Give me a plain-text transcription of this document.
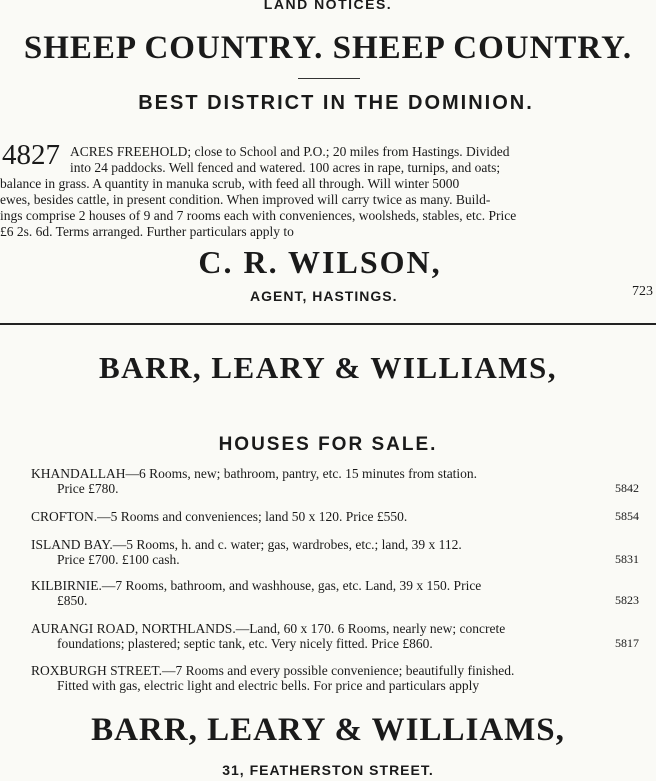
LAND NOTICES.
SHEEP COUNTRY. SHEEP COUNTRY.
BEST DISTRICT IN THE DOMINION.
4827 ACRES FREEHOLD; close to School and P.O.; 20 miles from Hastings. Divided
into 24 paddocks. Well fenced and watered. 100 acres in rape, turnips, and oats;
balance in grass. A quantity in manuka scrub, with feed all through. Will winter 5000
ewes, besides cattle, in present condition. When improved will carry twice as many. Build-
ings comprise 2 houses of 9 and 7 rooms each with conveniences, woolsheds, stables, etc. Price
£6 2s. 6d. Terms arranged. Further particulars apply to
C. R. WILSON,
AGENT, HASTINGS.	723
BARR, LEARY & WILLIAMS,
HOUSES FOR SALE.
KHANDALLAH—6 Rooms, new; bathroom, pantry, etc. 15 minutes from station.
Price £780.	5842
CROFTON.—5 Rooms and conveniences; land 50 x 120. Price £550.	5854
ISLAND BAY.—5 Rooms, h. and c. water; gas, wardrobes, etc.; land, 39 x 112.
Price £700. £100 cash.	5831
KILBIRNIE.—7 Rooms, bathroom, and washhouse, gas, etc. Land, 39 x 150. Price
£850.	5823
AURANGI ROAD, NORTHLANDS.—Land, 60 x 170. 6 Rooms, nearly new; concrete
foundations; plastered; septic tank, etc. Very nicely fitted. Price £860.	5817
ROXBURGH STREET.—7 Rooms and every possible convenience; beautifully finished.
Fitted with gas, electric light and electric bells. For price and particulars apply
BARR, LEARY & WILLIAMS,
31, FEATHERSTON STREET.
